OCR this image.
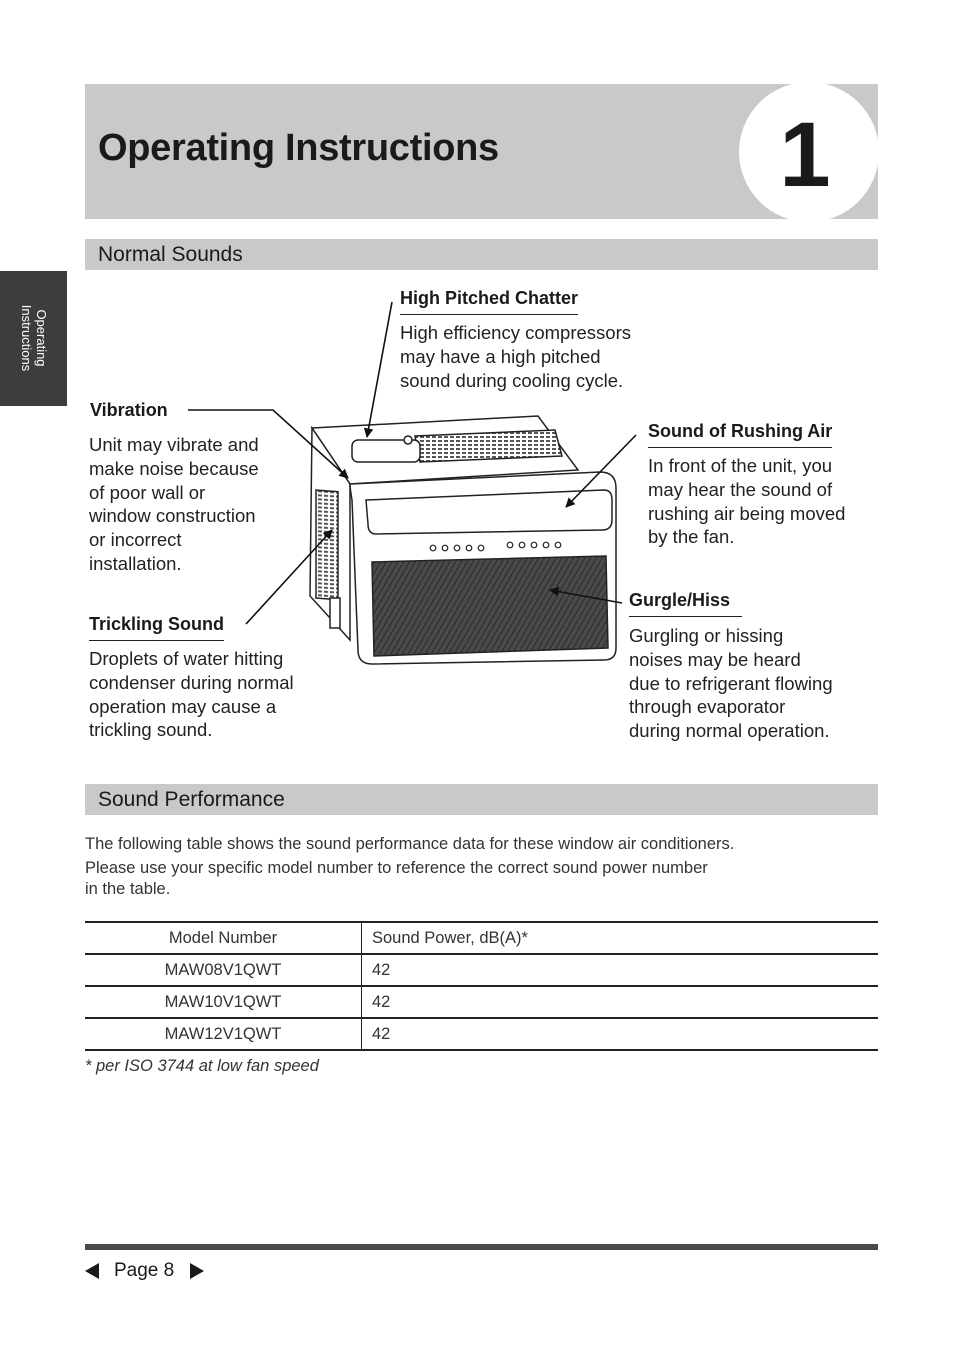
Operating Instructions	1
Operating
Instructions
Normal Sounds
High Pitched Chatter
High efficiency compressors
may have a high pitched
sound during cooling cycle.
Vibration
Unit may vibrate and
make noise because
of poor wall or
window construction
or incorrect
installation.
Sound of Rushing Air
In front of the unit, you
may hear the sound of
rushing air being moved
by the fan.
Gurgle/Hiss
Gurgling or hissing
noises may be heard
due to refrigerant flowing
through evaporator
during normal operation.
Trickling Sound
Droplets of water hitting
condenser during normal
operation may cause a
trickling sound.
Sound Performance
The following table shows the sound performance data for these window air conditioners.
Please use your specific model number to reference the correct sound power number
in the table.
Model Number	Sound Power, dB(A)*
MAW08V1QWT	42
MAW10V1QWT	42
MAW12V1QWT	42
* per ISO 3744 at low fan speed
Page 8
